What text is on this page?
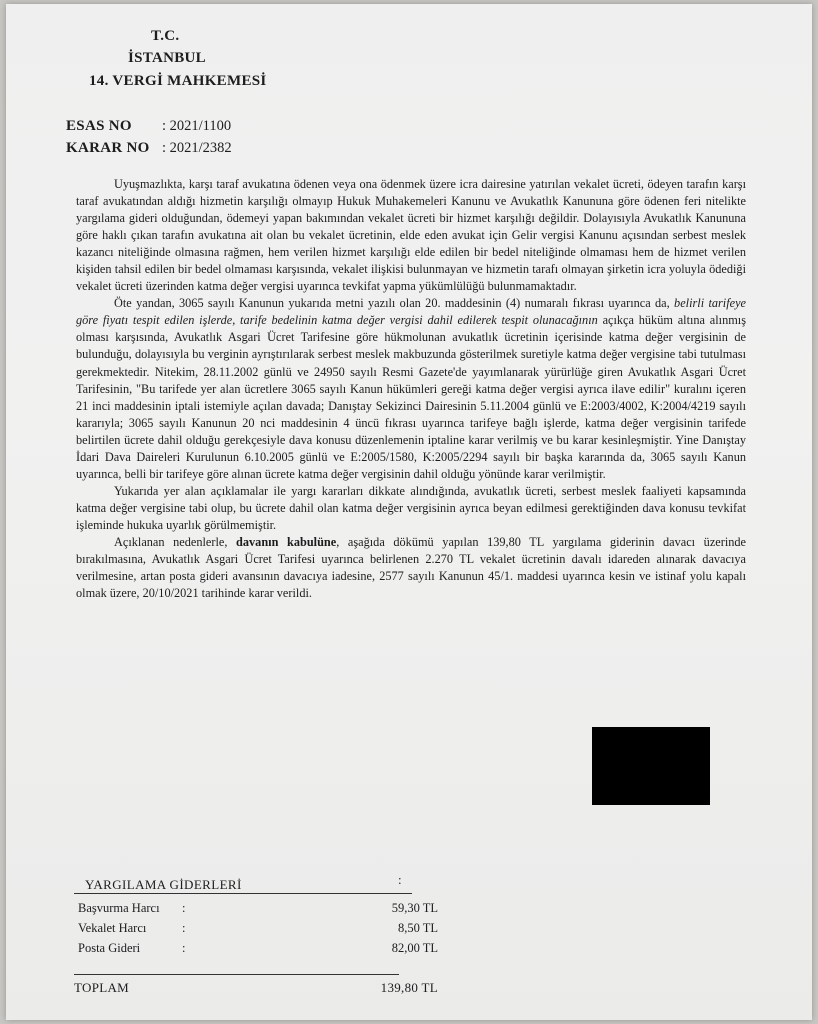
T.C.
İSTANBUL
14. VERGİ MAHKEMESİ
ESAS NO : 2021/1100
KARAR NO : 2021/2382

Uyuşmazlıkta, karşı taraf avukatına ödenen veya ona ödenmek üzere icra dairesine yatırılan vekalet ücreti, ödeyen tarafın karşı taraf avukatından aldığı hizmetin karşılığı olmayıp Hukuk Muhakemeleri Kanunu ve Avukatlık Kanununa göre ödenen feri nitelikte yargılama gideri olduğundan, ödemeyi yapan bakımından vekalet ücreti bir hizmet karşılığı değildir. Dolayısıyla Avukatlık Kanununa göre haklı çıkan tarafın avukatına ait olan bu vekalet ücretinin, elde eden avukat için Gelir vergisi Kanunu açısından serbest meslek kazancı niteliğinde olmasına rağmen, hem verilen hizmet karşılığı elde edilen bir bedel niteliğinde olmaması hem de hizmet verilen kişiden tahsil edilen bir bedel olmaması karşısında, vekalet ilişkisi bulunmayan ve hizmetin tarafı olmayan şirketin icra yoluyla ödediği vekalet ücreti üzerinden katma değer vergisi uyarınca tevkifat yapma yükümlülüğü bulunmamaktadır.

Öte yandan, 3065 sayılı Kanunun yukarıda metni yazılı olan 20. maddesinin (4) numaralı fıkrası uyarınca da, belirli tarifeye göre fiyatı tespit edilen işlerde, tarife bedelinin katma değer vergisi dahil edilerek tespit olunacağının açıkça hüküm altına alınmış olması karşısında, Avukatlık Asgari Ücret Tarifesine göre hükmolunan avukatlık ücretinin içerisinde katma değer vergisinin de bulunduğu, dolayısıyla bu verginin ayrıştırılarak serbest meslek makbuzunda gösterilmek suretiyle katma değer vergisine tabi tutulması gerekmektedir. Nitekim, 28.11.2002 günlü ve 24950 sayılı Resmi Gazete'de yayımlanarak yürürlüğe giren Avukatlık Asgari Ücret Tarifesinin, "Bu tarifede yer alan ücretlere 3065 sayılı Kanun hükümleri gereği katma değer vergisi ayrıca ilave edilir" kuralını içeren 21 inci maddesinin iptali istemiyle açılan davada; Danıştay Sekizinci Dairesinin 5.11.2004 günlü ve E:2003/4002, K:2004/4219 sayılı kararıyla; 3065 sayılı Kanunun 20 nci maddesinin 4 üncü fıkrası uyarınca tarifeye bağlı işlerde, katma değer vergisinin tarifede belirtilen ücrete dahil olduğu gerekçesiyle dava konusu düzenlemenin iptaline karar verilmiş ve bu karar kesinleşmiştir. Yine Danıştay İdari Dava Daireleri Kurulunun 6.10.2005 günlü ve E:2005/1580, K:2005/2294 sayılı bir başka kararında da, 3065 sayılı Kanun uyarınca, belli bir tarifeye göre alınan ücrete katma değer vergisinin dahil olduğu yönünde karar verilmiştir.

Yukarıda yer alan açıklamalar ile yargı kararları dikkate alındığında, avukatlık ücreti, serbest meslek faaliyeti kapsamında katma değer vergisine tabi olup, bu ücrete dahil olan katma değer vergisinin ayrıca beyan edilmesi gerektiğinden dava konusu tevkifat işleminde hukuka uyarlık görülmemiştir.

Açıklanan nedenlerle, davanın kabulüne, aşağıda dökümü yapılan 139,80 TL yargılama giderinin davacı üzerinde bırakılmasına, Avukatlık Asgari Ücret Tarifesi uyarınca belirlenen 2.270 TL vekalet ücretinin davalı idareden alınarak davacıya verilmesine, artan posta gideri avansının davacıya iadesine, 2577 sayılı Kanunun 45/1. maddesi uyarınca kesin ve istinaf yolu kapalı olmak üzere, 20/10/2021 tarihinde karar verildi.

YARGILAMA GİDERLERİ	:
Başvurma Harcı :	59,30 TL
Vekalet Harcı	:	8,50 TL
Posta Gideri	:	82,00 TL
TOPLAM	139,80 TL
